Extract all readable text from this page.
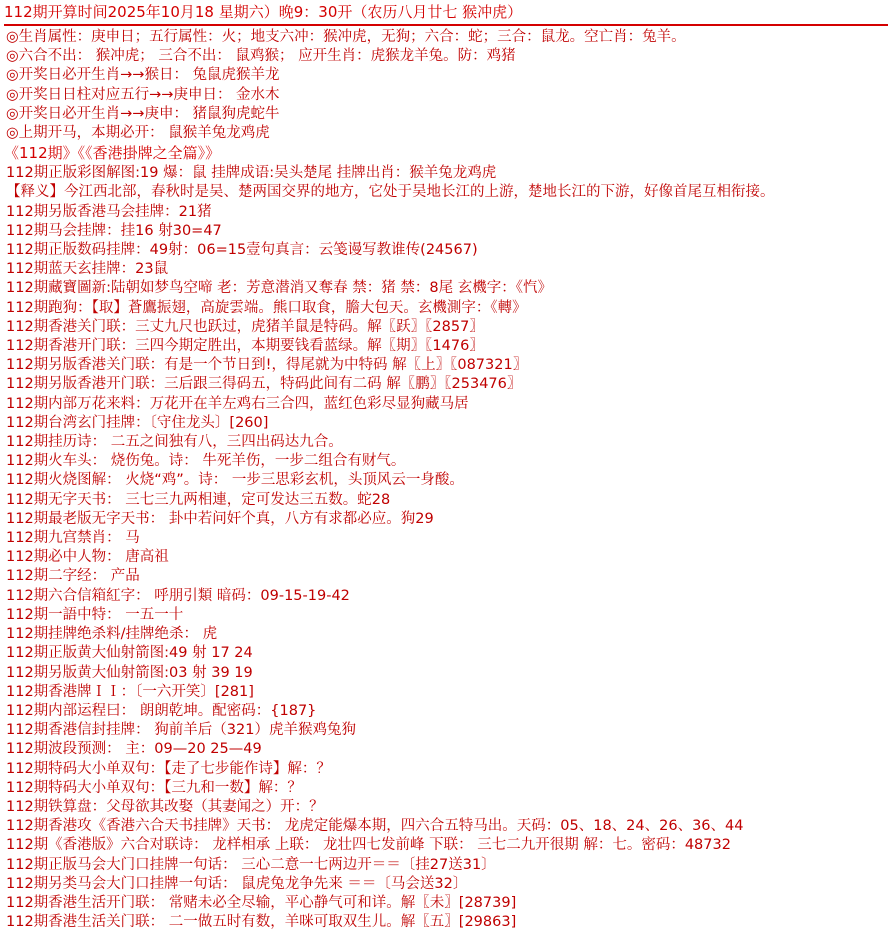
112期开算时间2025年10月18 星期六）晚9：30开（农历八月廿七 猴冲虎）
◎生肖属性：庚申日；五行属性：火；地支六冲：猴冲虎，无狗；六合：蛇；三合：鼠龙。空亡肖：兔羊。
◎六合不出： 猴冲虎； 三合不出： 鼠鸡猴； 应开生肖：虎猴龙羊兔。防：鸡猪
◎开奖日必开生肖→→猴日： 兔鼠虎猴羊龙
◎开奖日日柱对应五行→→庚申日： 金水木
◎开奖日必开生肖→→庚申： 猪鼠狗虎蛇牛
◎上期开马，本期必开： 鼠猴羊兔龙鸡虎
《112期》《《香港掛牌之全篇》》
112期正版彩图解图:19 爆：鼠 挂牌成语:吴头楚尾 挂牌出肖：猴羊兔龙鸡虎
【释义】今江西北部，春秋时是吴、楚两国交界的地方，它处于吴地长江的上游，楚地长江的下游，好像首尾互相衔接。
112期另版香港马会挂牌：21猪
112期马会挂牌：挂16 射30=47
112期正版数码挂牌：49射：06=15壹句真言：云笺谩写教谁传(24567)
112期蓝天玄挂牌：23鼠
112期藏寶圖新:陆朝如梦鸟空啼 老：芳意潜消又奪春 禁：猪 禁：8尾 玄機字：《忾》
112期跑狗：【取】蒼鷹振翅，高旋雲端。熊口取食，膽大包天。玄機測字：《轉》
112期香港关门联：三丈九尺也跃过，虎猪羊鼠是特码。解〖跃〗〖2857〗
112期香港开门联：三四今期定胜出，本期要钱看蓝绿。解〖期〗〖1476〗
112期另版香港关门联：有是一个节日到!，得尾就为中特码 解〖上〗〖087321〗
112期另版香港开门联：三后跟三得码五，特码此间有二码 解〖鹏〗〖253476〗
112期内部万花来料：万花开在羊左鸡右三合四，蓝红色彩尽显狗藏马居
112期台湾玄门挂牌：〔守住龙头〕[260]
112期挂历诗： 二五之间独有八，三四出码达九合。
112期火车头： 烧伤兔。诗： 牛死羊伤，一步二组合有财气。
112期火烧图解： 火烧“鸡”。诗： 一步三思彩玄机，头顶风云一身酸。
112期无字天书： 三七三九两相連，定可发达三五数。蛇28
112期最老版无字天书： 卦中若问奸个真，八方有求都必应。狗29
112期九宫禁肖： 马
112期必中人物： 唐高祖
112期二字经： 产品
112期六合信箱紅字： 呼朋引類 暗码：09-15-19-42
112期一語中特： 一五一十
112期挂牌绝杀料/挂牌绝杀： 虎
112期正版黄大仙射箭图:49 射 17 24
112期另版黄大仙射箭图:03 射 39 19
112期香港牌ＩＩ：〔一六开笑〕[281]
112期内部运程曰： 朗朗乾坤。配密码：{187}
112期香港信封挂牌： 狗前羊后（321）虎羊猴鸡兔狗
112期波段预测： 主：09—20 25—49
112期特码大小单双句：【走了七步能作诗】解：？
112期特码大小单双句：【三九和一数】解：？
112期铁算盘：父母欲其改娶（其妻闻之）开：？
112期香港攻《香港六合天书挂牌》天书： 龙虎定能爆本期，四六合五特马出。天码：05、18、24、26、36、44
112期《香港版》六合对联诗： 龙样相承 上联： 龙壮四七发前峰 下联： 三七二九开很期 解：七。密码：48732
112期正版马会大门口挂牌一句话： 三心二意一七两边开＝＝〔挂27送31〕
112期另类马会大门口挂牌一句话： 鼠虎兔龙争先来 ＝＝〔马会送32〕
112期香港生活开门联： 常赌未必全尽输，平心静气可和详。解〖未〗[28739]
112期香港生活关门联： 二一做五时有数，羊咪可取双生儿。解〖五〗[29863]
